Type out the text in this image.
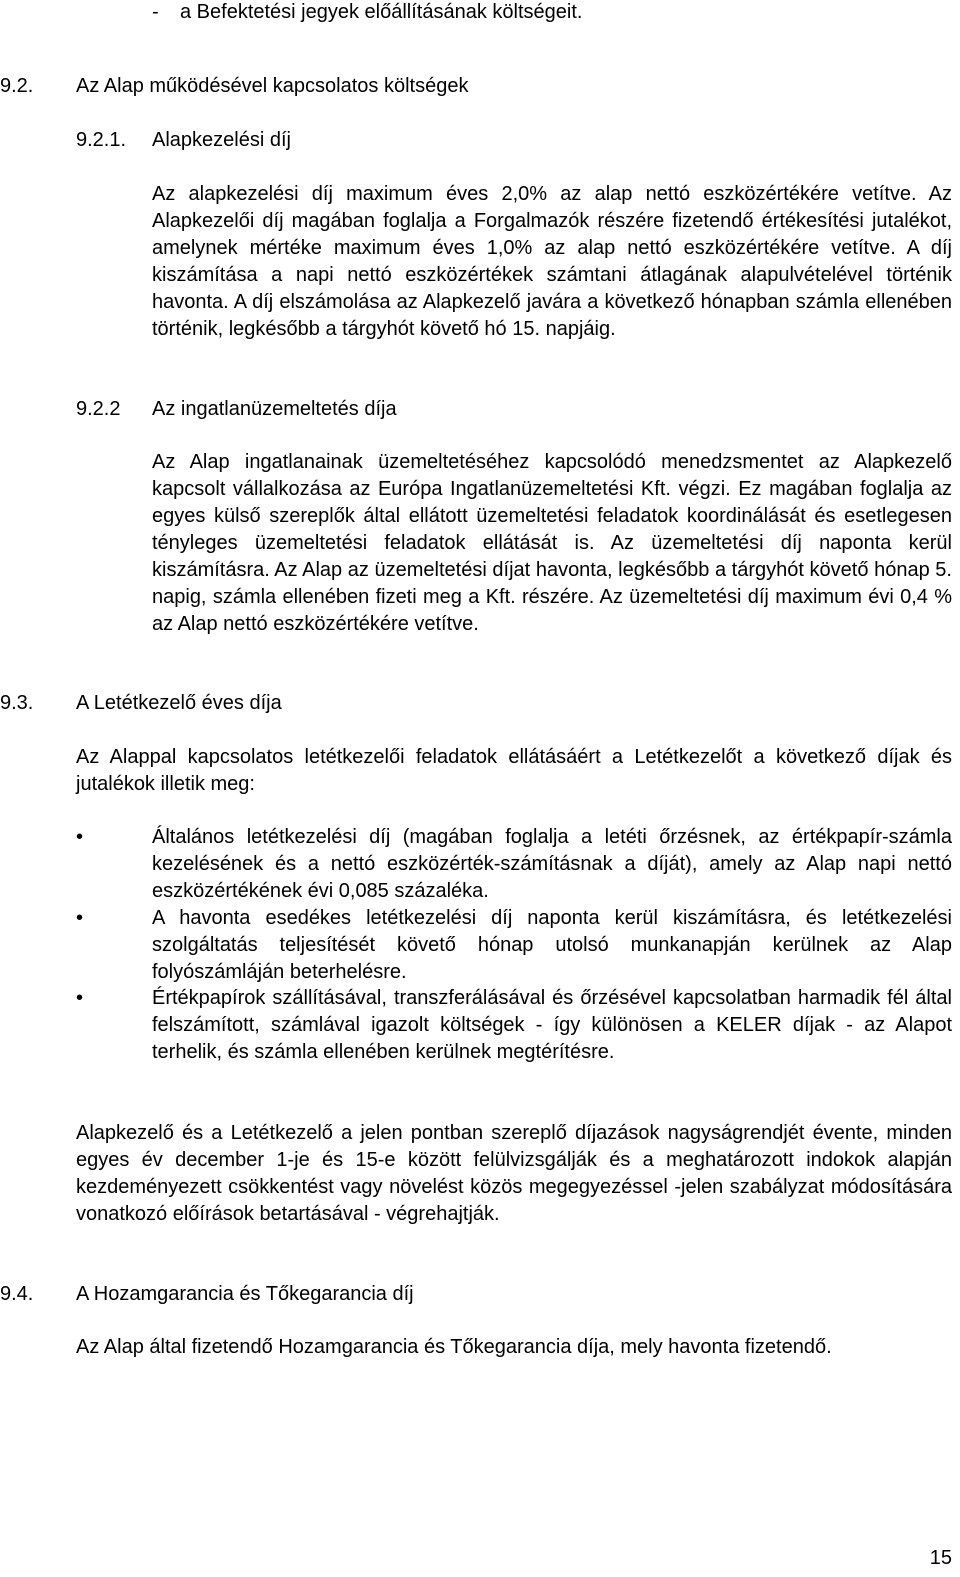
- a Befektetési jegyek előállításának költségeit.
9.2. Az Alap működésével kapcsolatos költségek
9.2.1. Alapkezelési díj
Az alapkezelési díj maximum éves 2,0% az alap nettó eszközértékére vetítve. Az Alapkezelői díj magában foglalja a Forgalmazók részére fizetendő értékesítési jutalékot, amelynek mértéke maximum éves 1,0% az alap nettó eszközértékére vetítve. A díj kiszámítása a napi nettó eszközértékek számtani átlagának alapulvételével történik havonta. A díj elszámolása az Alapkezelő javára a következő hónapban számla ellenében történik, legkésőbb a tárgyhót követő hó 15. napjáig.
9.2.2 Az ingatlanüzemeltetés díja
Az Alap ingatlanainak üzemeltetéséhez kapcsolódó menedzsmentet az Alapkezelő kapcsolt vállalkozása az Európa Ingatlanüzemeltetési Kft. végzi. Ez magában foglalja az egyes külső szereplők által ellátott üzemeltetési feladatok koordinálását és esetlegesen tényleges üzemeltetési feladatok ellátását is. Az üzemeltetési díj naponta kerül kiszámításra. Az Alap az üzemeltetési díjat havonta, legkésőbb a tárgyhót követő hónap 5. napig, számla ellenében fizeti meg a Kft. részére. Az üzemeltetési díj maximum évi 0,4 % az Alap nettó eszközértékére vetítve.
9.3. A Letétkezelő éves díja
Az Alappal kapcsolatos letétkezelői feladatok ellátásáért a Letétkezelőt a következő díjak és jutalékok illetik meg:
•	Általános letétkezelési díj (magában foglalja a letéti őrzésnek, az értékpapír-számla kezelésének és a nettó eszközérték-számításnak a díját), amely az Alap napi nettó eszközértékének évi 0,085 százaléka.
•	A havonta esedékes letétkezelési díj naponta kerül kiszámításra, és letétkezelési szolgáltatás teljesítését követő hónap utolsó munkanapján kerülnek az Alap folyószámláján beterhelésre.
•	Értékpapírok szállításával, transzferálásával és őrzésével kapcsolatban harmadik fél által felszámított, számlával igazolt költségek - így különösen a KELER díjak - az Alapot terhelik, és számla ellenében kerülnek megtérítésre.
Alapkezelő és a Letétkezelő a jelen pontban szereplő díjazások nagyságrendjét évente, minden egyes év december 1-je és 15-e között felülvizsgálják és a meghatározott indokok alapján kezdeményezett csökkentést vagy növelést közös megegyezéssel -jelen szabályzat módosítására vonatkozó előírások betartásával - végrehajtják.
9.4. A Hozamgarancia és Tőkegarancia díj
Az Alap által fizetendő Hozamgarancia és Tőkegarancia díja, mely havonta fizetendő.
15
